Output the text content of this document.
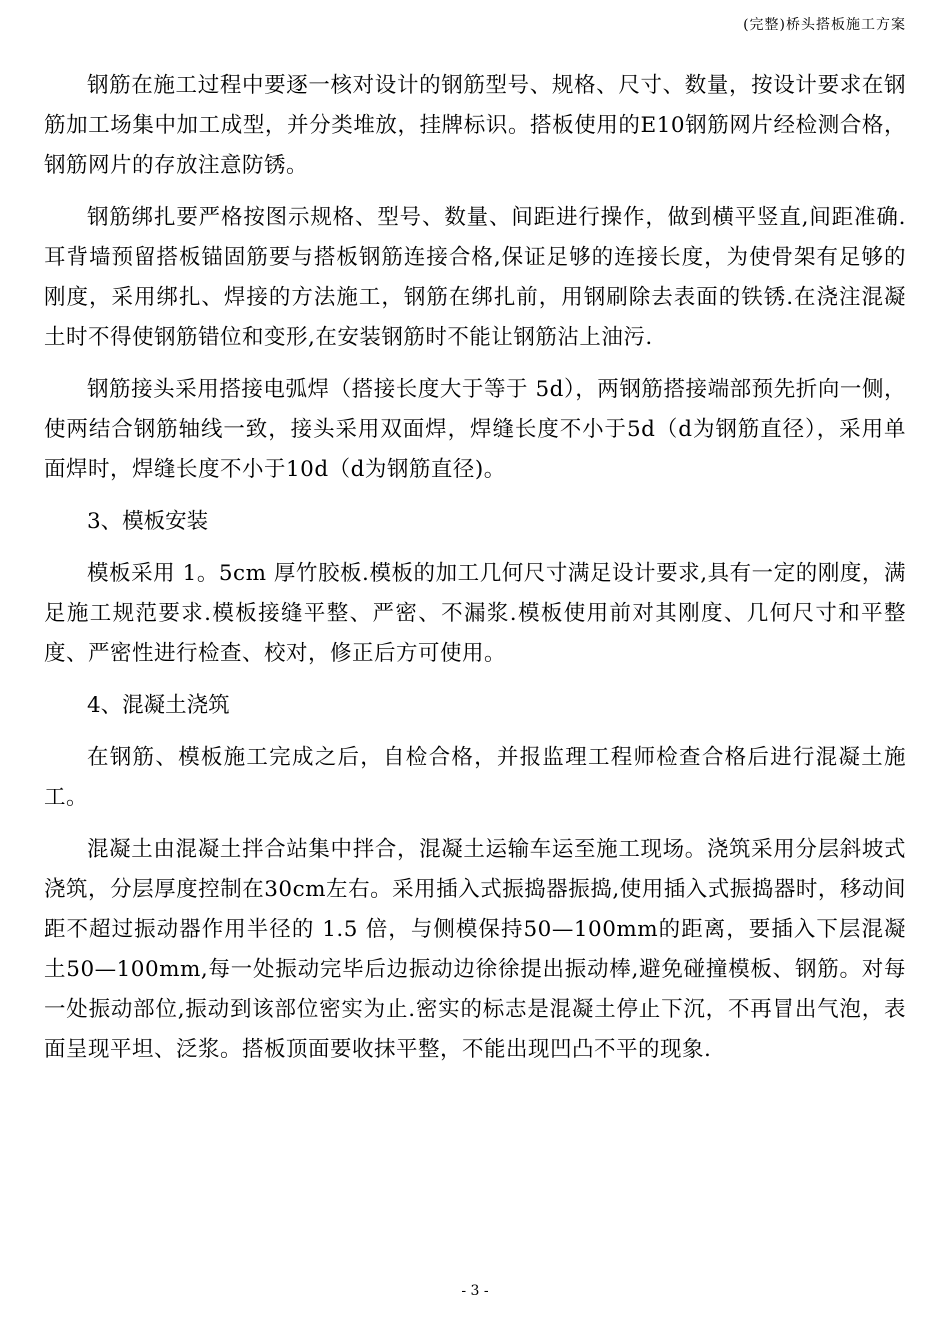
(完整)桥头搭板施工方案

钢筋在施工过程中要逐一核对设计的钢筋型号、规格、尺寸、数量，按设计要求在钢筋加工场集中加工成型，并分类堆放，挂牌标识。搭板使用的E10钢筋网片经检测合格，钢筋网片的存放注意防锈。

钢筋绑扎要严格按图示规格、型号、数量、间距进行操作，做到横平竖直,间距准确.耳背墙预留搭板锚固筋要与搭板钢筋连接合格,保证足够的连接长度，为使骨架有足够的刚度，采用绑扎、焊接的方法施工，钢筋在绑扎前，用钢刷除去表面的铁锈.在浇注混凝土时不得使钢筋错位和变形,在安装钢筋时不能让钢筋沾上油污.

钢筋接头采用搭接电弧焊（搭接长度大于等于 5d），两钢筋搭接端部预先折向一侧，使两结合钢筋轴线一致，接头采用双面焊，焊缝长度不小于5d（d为钢筋直径），采用单面焊时，焊缝长度不小于10d（d为钢筋直径)。

3、模板安装

模板采用 1。5cm 厚竹胶板.模板的加工几何尺寸满足设计要求,具有一定的刚度，满足施工规范要求.模板接缝平整、严密、不漏浆.模板使用前对其刚度、几何尺寸和平整度、严密性进行检查、校对，修正后方可使用。

4、混凝土浇筑

在钢筋、模板施工完成之后，自检合格，并报监理工程师检查合格后进行混凝土施工。

混凝土由混凝土拌合站集中拌合，混凝土运输车运至施工现场。浇筑采用分层斜坡式浇筑，分层厚度控制在30cm左右。采用插入式振捣器振捣,使用插入式振捣器时，移动间距不超过振动器作用半径的 1.5 倍，与侧模保持50—100mm的距离，要插入下层混凝土50—100mm,每一处振动完毕后边振动边徐徐提出振动棒,避免碰撞模板、钢筋。对每一处振动部位,振动到该部位密实为止.密实的标志是混凝土停止下沉，不再冒出气泡，表面呈现平坦、泛浆。搭板顶面要收抹平整，不能出现凹凸不平的现象.

- 3 -
